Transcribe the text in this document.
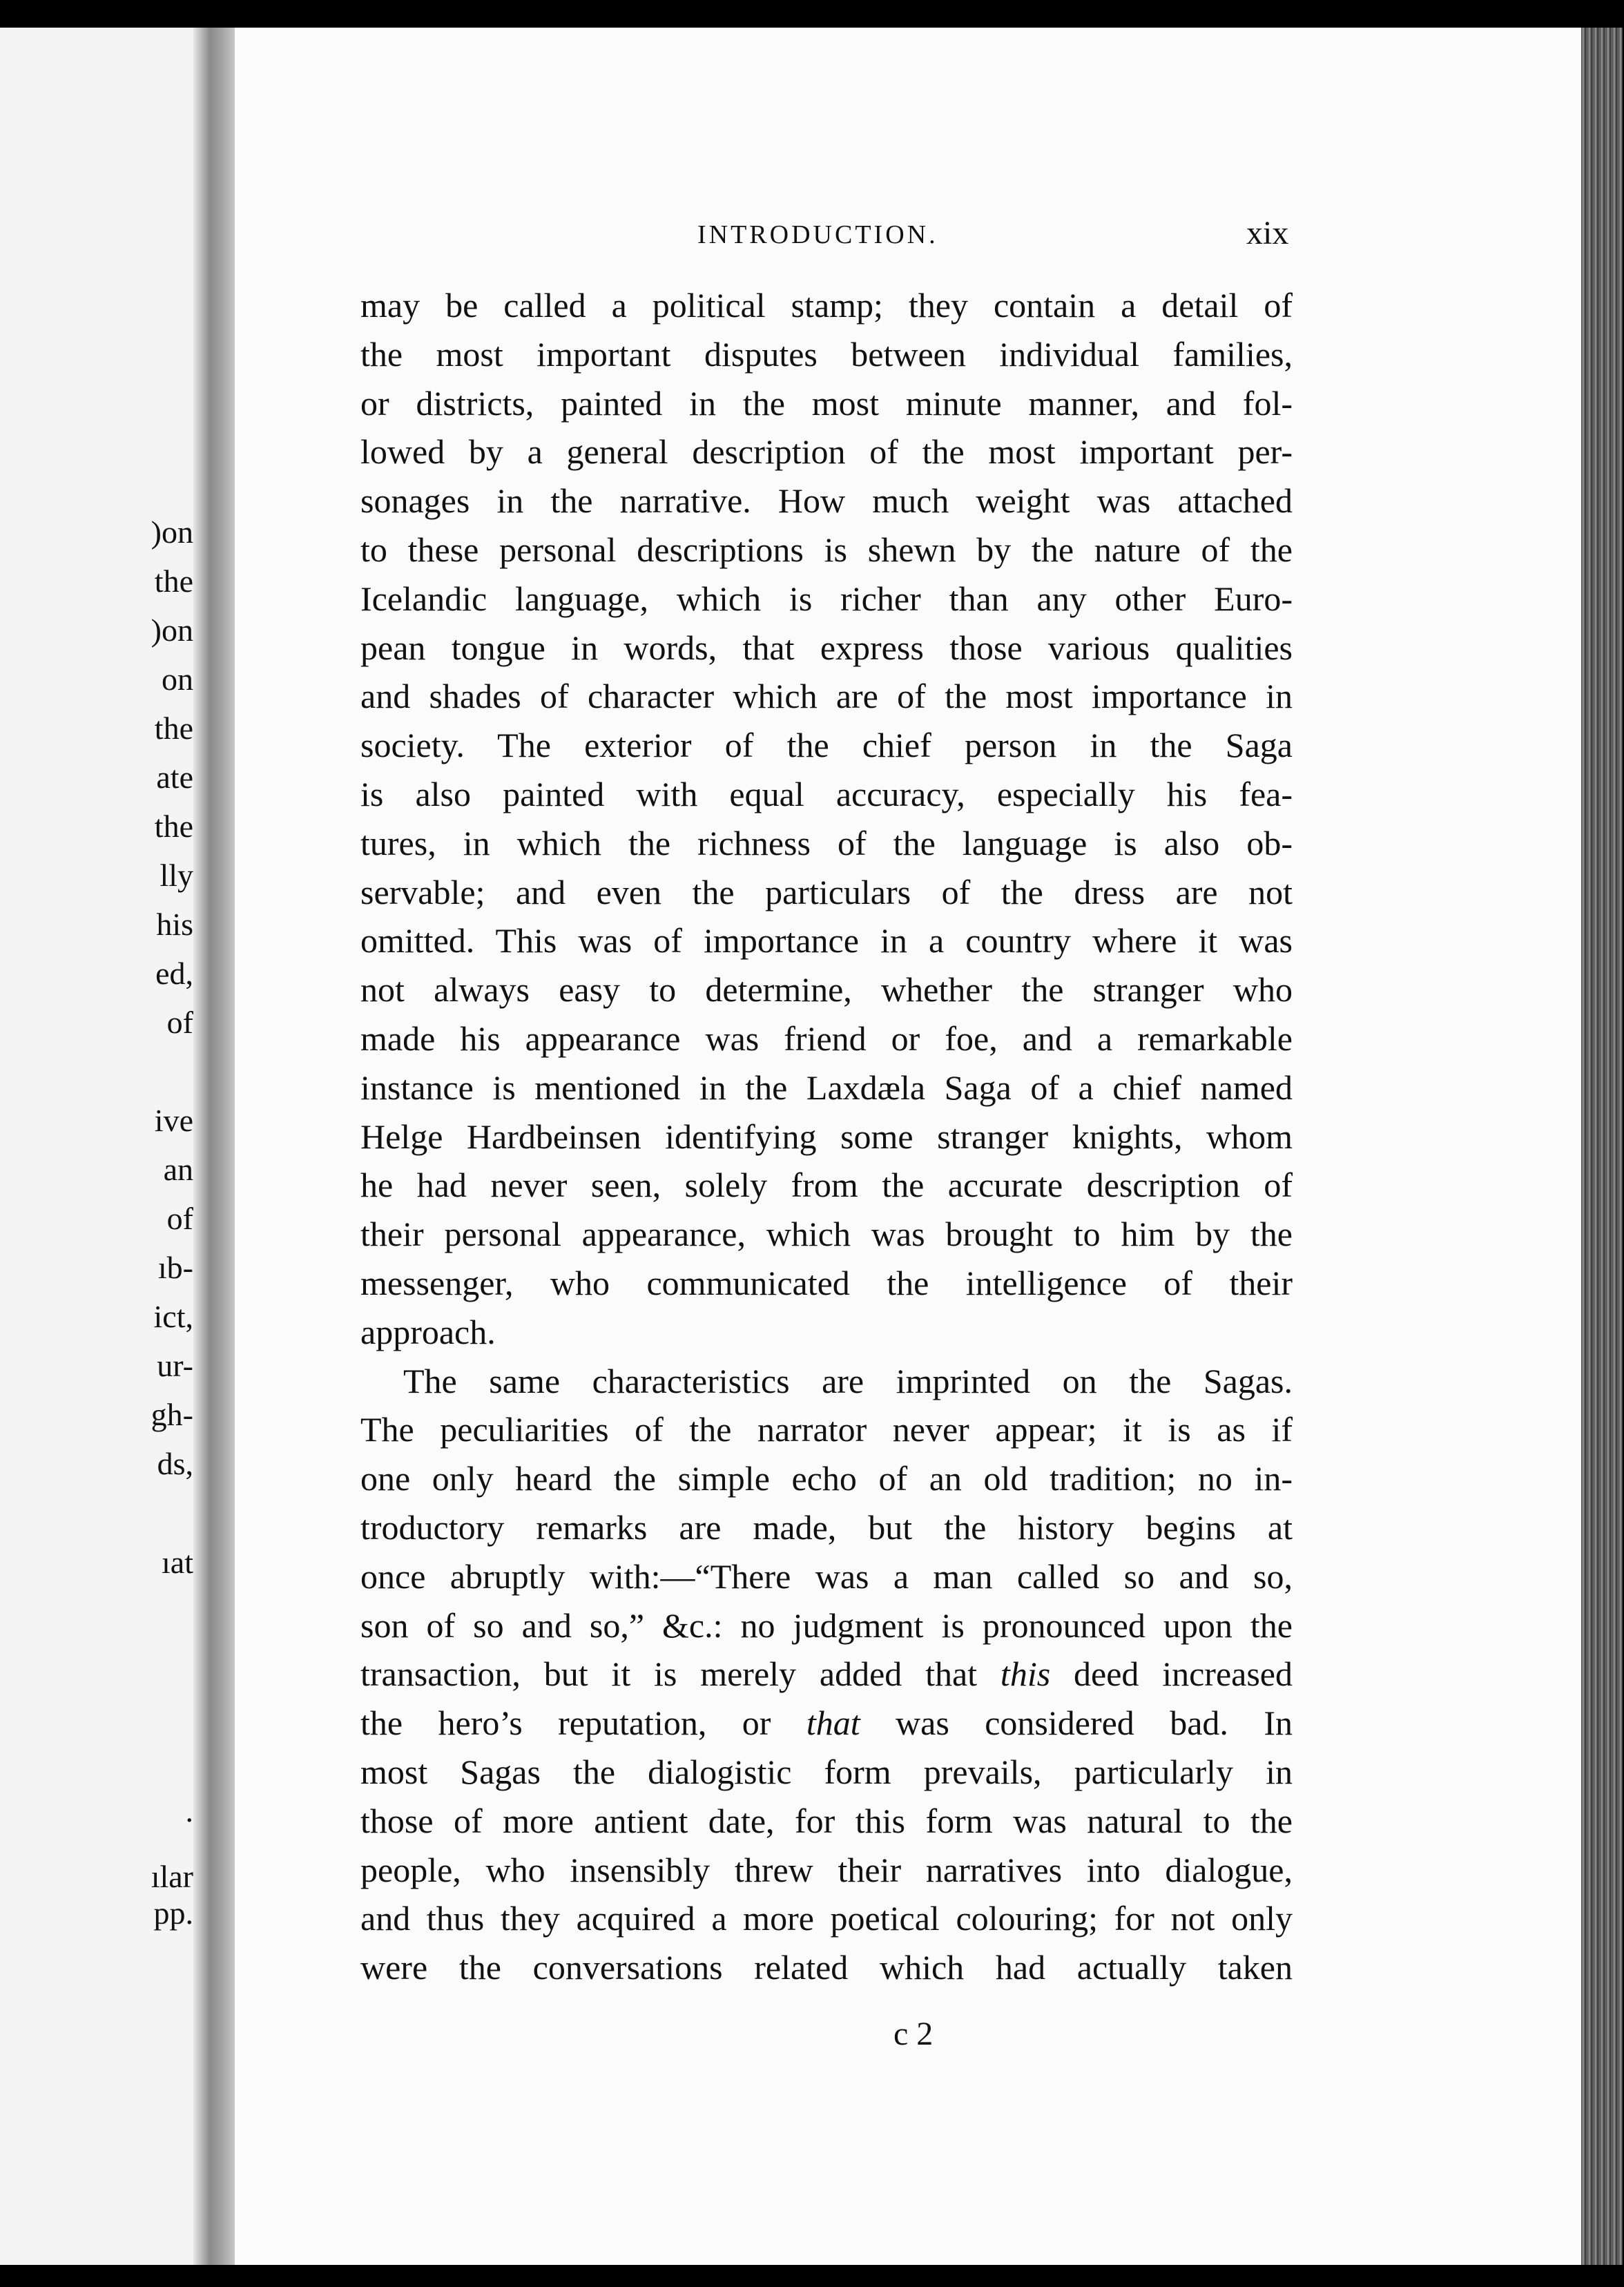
)on
the
)on
on
the
ate
the
lly
his
ed,
of
ive
an
of
ıb-
ict,
ur-
gh-
ds,
ıat
.
ılar
pp.
INTRODUCTION.	xix
may be called a political stamp; they contain a detail of
the most important disputes between individual families,
or districts, painted in the most minute manner, and fol-
lowed by a general description of the most important per-
sonages in the narrative. How much weight was attached
to these personal descriptions is shewn by the nature of the
Icelandic language, which is richer than any other Euro-
pean tongue in words, that express those various qualities
and shades of character which are of the most importance in
society. The exterior of the chief person in the Saga
is also painted with equal accuracy, especially his fea-
tures, in which the richness of the language is also ob-
servable; and even the particulars of the dress are not
omitted. This was of importance in a country where it was
not always easy to determine, whether the stranger who
made his appearance was friend or foe, and a remarkable
instance is mentioned in the Laxdæla Saga of a chief named
Helge Hardbeinsen identifying some stranger knights, whom
he had never seen, solely from the accurate description of
their personal appearance, which was brought to him by the
messenger, who communicated the intelligence of their
approach.
The same characteristics are imprinted on the Sagas.
The peculiarities of the narrator never appear; it is as if
one only heard the simple echo of an old tradition; no in-
troductory remarks are made, but the history begins at
once abruptly with:—“There was a man called so and so,
son of so and so,” &c.: no judgment is pronounced upon the
transaction, but it is merely added that this deed increased
the hero’s reputation, or that was considered bad. In
most Sagas the dialogistic form prevails, particularly in
those of more antient date, for this form was natural to the
people, who insensibly threw their narratives into dialogue,
and thus they acquired a more poetical colouring; for not only
were the conversations related which had actually taken
c 2
